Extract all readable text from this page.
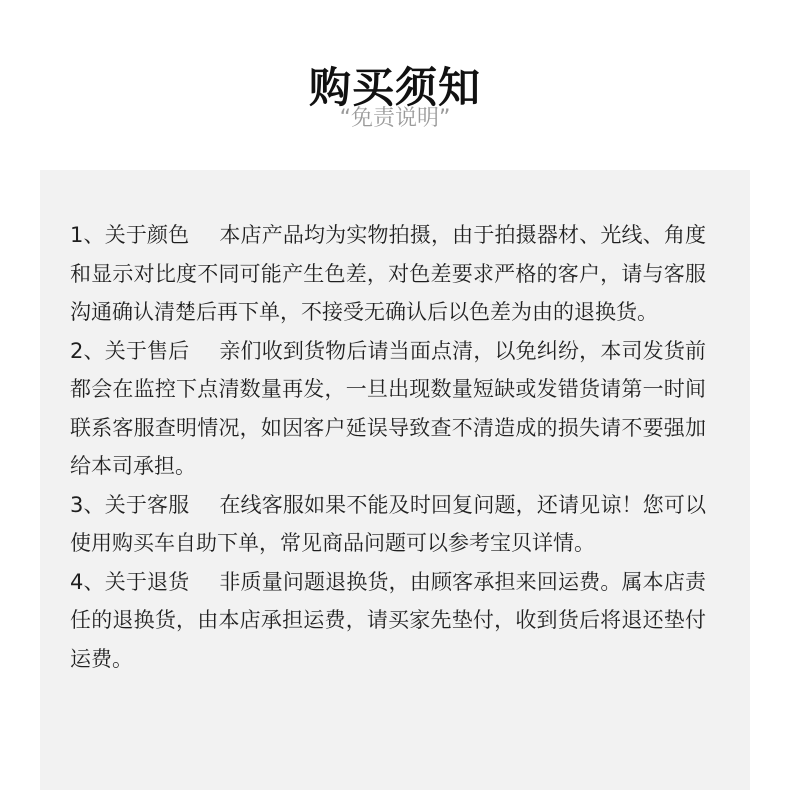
购买须知
“免责说明”

1、关于颜色 本店产品均为实物拍摄，由于拍摄器材、光线、角度和显示对比度不同可能产生色差，对色差要求严格的客户，请与客服沟通确认清楚后再下单，不接受无确认后以色差为由的退换货。

2、关于售后 亲们收到货物后请当面点清，以免纠纷，本司发货前都会在监控下点清数量再发，一旦出现数量短缺或发错货请第一时间联系客服查明情况，如因客户延误导致查不清造成的损失请不要强加给本司承担。

3、关于客服 在线客服如果不能及时回复问题，还请见谅！您可以使用购买车自助下单，常见商品问题可以参考宝贝详情。

4、关于退货 非质量问题退换货，由顾客承担来回运费。属本店责任的退换货，由本店承担运费，请买家先垫付，收到货后将退还垫付运费。
